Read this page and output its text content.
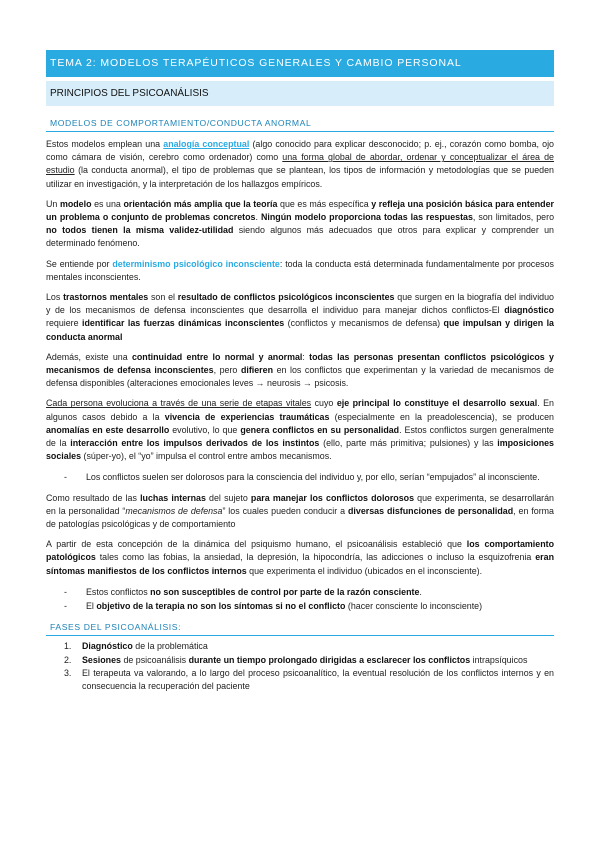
TEMA 2: MODELOS TERAPÉUTICOS GENERALES Y CAMBIO PERSONAL
PRINCIPIOS DEL PSICOANÁLISIS
MODELOS DE COMPORTAMIENTO/CONDUCTA ANORMAL

Estos modelos emplean una analogía conceptual (algo conocido para explicar desconocido; p. ej., corazón como bomba, ojo como cámara de visión, cerebro como ordenador) como una forma global de abordar, ordenar y conceptualizar el área de estudio (la conducta anormal), el tipo de problemas que se plantean, los tipos de información y metodologías que se pueden utilizar en investigación, y la interpretación de los hallazgos empíricos.

Un modelo es una orientación más amplia que la teoría que es más específica y refleja una posición básica para entender un problema o conjunto de problemas concretos. Ningún modelo proporciona todas las respuestas, son limitados, pero no todos tienen la misma validez-utilidad siendo algunos más adecuados que otros para explicar y comprender un determinado fenómeno.

Se entiende por determinismo psicológico inconsciente: toda la conducta está determinada fundamentalmente por procesos mentales inconscientes.

Los trastornos mentales son el resultado de conflictos psicológicos inconscientes que surgen en la biografía del individuo y de los mecanismos de defensa inconscientes que desarrolla el individuo para manejar dichos conflictos-El diagnóstico requiere identificar las fuerzas dinámicas inconscientes (conflictos y mecanismos de defensa) que impulsan y dirigen la conducta anormal

Además, existe una continuidad entre lo normal y anormal: todas las personas presentan conflictos psicológicos y mecanismos de defensa inconscientes, pero difieren en los conflictos que experimentan y la variedad de mecanismos de defensa disponibles (alteraciones emocionales leves → neurosis → psicosis.

Cada persona evoluciona a través de una serie de etapas vitales cuyo eje principal lo constituye el desarrollo sexual. En algunos casos debido a la vivencia de experiencias traumáticas (especialmente en la preadolescencia), se producen anomalías en este desarrollo evolutivo, lo que genera conflictos en su personalidad. Estos conflictos surgen generalmente de la interacción entre los impulsos derivados de los instintos (ello, parte más primitiva; pulsiones) y las imposiciones sociales (súper-yo), el “yo” impulsa el control entre ambos mecanismos.

- Los conflictos suelen ser dolorosos para la consciencia del individuo y, por ello, serían “empujados” al inconsciente.

Como resultado de las luchas internas del sujeto para manejar los conflictos dolorosos que experimenta, se desarrollarán en la personalidad “mecanismos de defensa” los cuales pueden conducir a diversas disfunciones de personalidad, en forma de patologías psicológicas y de comportamiento

A partir de esta concepción de la dinámica del psiquismo humano, el psicoanálisis estableció que los comportamiento patológicos tales como las fobias, la ansiedad, la depresión, la hipocondría, las adicciones o incluso la esquizofrenia eran síntomas manifiestos de los conflictos internos que experimenta el individuo (ubicados en el inconsciente).

- Estos conflictos no son susceptibles de control por parte de la razón consciente.
- El objetivo de la terapia no son los síntomas si no el conflicto (hacer consciente lo inconsciente)
FASES DEL PSICOANÁLISIS:
1. Diagnóstico de la problemática
2. Sesiones de psicoanálisis durante un tiempo prolongado dirigidas a esclarecer los conflictos intrapsíquicos
3. El terapeuta va valorando, a lo largo del proceso psicoanalítico, la eventual resolución de los conflictos internos y en consecuencia la recuperación del paciente
